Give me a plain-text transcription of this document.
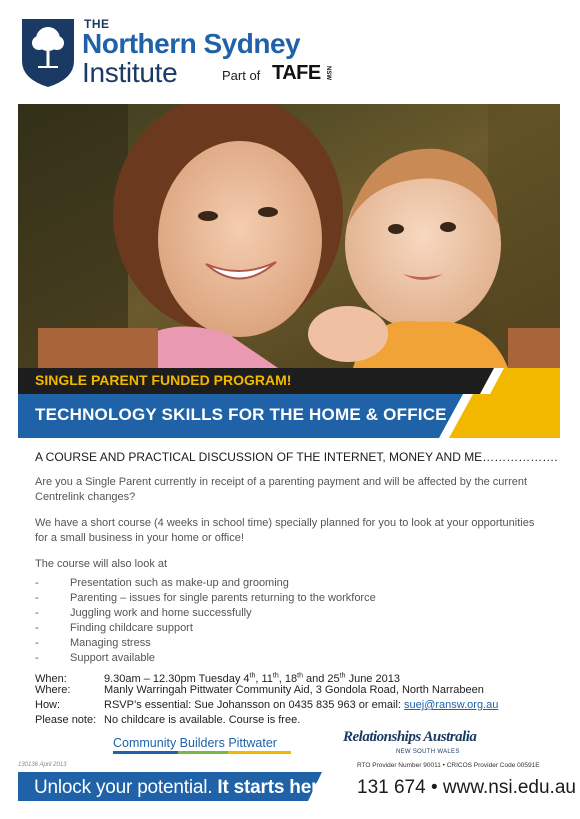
THE
Northern Sydney
Institute	Part of TAFE NSW
SINGLE PARENT FUNDED PROGRAM!
TECHNOLOGY SKILLS FOR THE HOME & OFFICE
A COURSE AND PRACTICAL DISCUSSION OF THE INTERNET, MONEY AND ME……………….
Are you a Single Parent currently in receipt of a parenting payment and will be affected by the current Centrelink changes?
We have a short course (4 weeks in school time) specially planned for you to look at your opportunities for a small business in your home or office!
The course will also look at
-	Presentation such as make-up and grooming
-	Parenting – issues for single parents returning to the workforce
-	Juggling work and home successfully
-	Finding childcare support
-	Managing stress
-	Support available
When:	9.30am – 12.30pm Tuesday 4th, 11th, 18th and 25th June 2013
Where:	Manly Warringah Pittwater Community Aid, 3 Gondola Road, North Narrabeen
How:	RSVP’s essential: Sue Johansson on 0435 835 963 or email: suej@ransw.org.au
Please note: No childcare is available. Course is free.
Community Builders Pittwater	Relationships Australia
NEW SOUTH WALES
130136 April 2013	RTO Provider Number 90011 • CRICOS Provider Code 00591E
Unlock your potential. It starts here. 131 674 • www.nsi.edu.au
